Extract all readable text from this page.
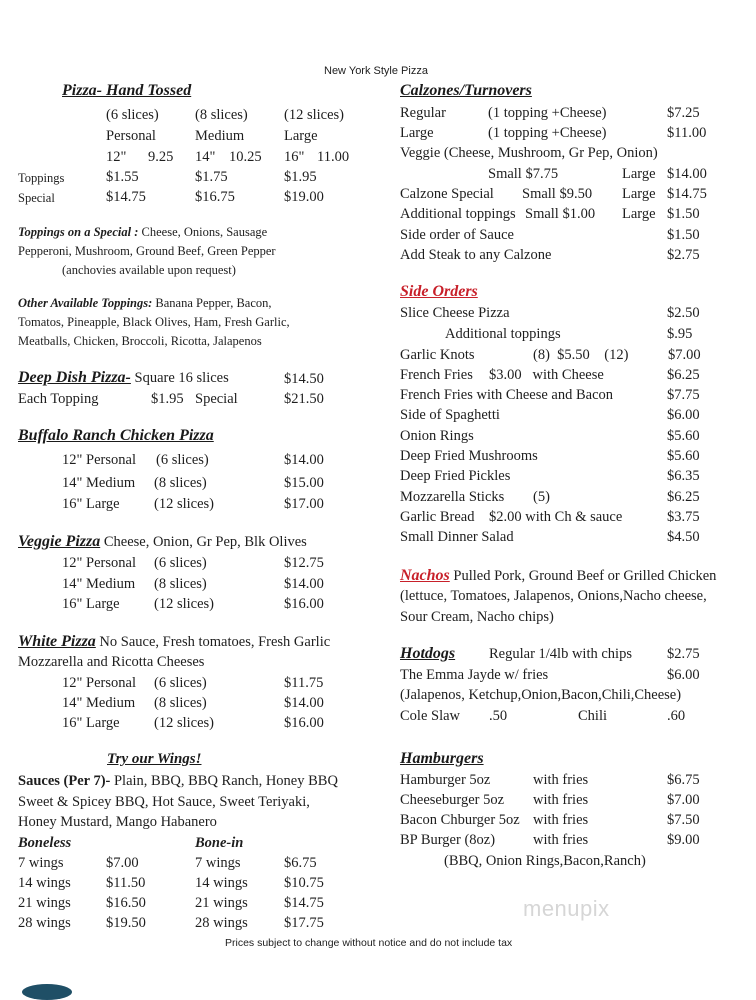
New York Style Pizza
Pizza- Hand Tossed
(6 slices)	(8 slices)	(12 slices)
Personal	Medium	Large
12" 9.25 14" 10.25 16" 11.00
Toppings	$1.55	$1.75	$1.95
Special	$14.75	$16.75	$19.00
Toppings on a Special : Cheese, Onions, Sausage
Pepperoni, Mushroom, Ground Beef, Green Pepper
(anchovies available upon request)
Other Available Toppings: Banana Pepper, Bacon,
Tomatos, Pineapple, Black Olives, Ham, Fresh Garlic,
Meatballs, Chicken, Broccoli, Ricotta, Jalapenos
Deep Dish Pizza- Square 16 slices	$14.50
Each Topping	$1.95 Special	$21.50
Buffalo Ranch Chicken Pizza
12" Personal (6 slices)	$14.00
14" Medium (8 slices)	$15.00
16" Large (12 slices)	$17.00
Veggie Pizza Cheese, Onion, Gr Pep, Blk Olives
12" Personal (6 slices)	$12.75
14" Medium (8 slices)	$14.00
16" Large (12 slices)	$16.00
White Pizza No Sauce, Fresh tomatoes, Fresh Garlic
Mozzarella and Ricotta Cheeses
12" Personal (6 slices)	$11.75
14" Medium (8 slices)	$14.00
16" Large (12 slices)	$16.00
Try our Wings!
Sauces (Per 7)- Plain, BBQ, BBQ Ranch, Honey BBQ
Sweet & Spicey BBQ, Hot Sauce, Sweet Teriyaki,
Honey Mustard, Mango Habanero
Boneless	Bone-in
7 wings	$7.00	7 wings	$6.75
14 wings $11.50	14 wings $10.75
21 wings $16.50	21 wings $14.75
28 wings $19.50	28 wings $17.75
Calzones/Turnovers
Regular	(1 topping +Cheese)	$7.25
Large	(1 topping +Cheese)	$11.00
Veggie (Cheese, Mushroom, Gr Pep, Onion)
Small $7.75	Large $14.00
Calzone Special Small $9.50 Large $14.75
Additional toppings Small $1.00 Large $1.50
Side order of Sauce	$1.50
Add Steak to any Calzone	$2.75
Side Orders
Slice Cheese Pizza	$2.50
Additional toppings	$.95
Garlic Knots	(8)  $5.50    (12)	$7.00
French Fries $3.00   with Cheese	$6.25
French Fries with Cheese and Bacon	$7.75
Side of Spaghetti	$6.00
Onion Rings	$5.60
Deep Fried Mushrooms	$5.60
Deep Fried Pickles	$6.35
Mozzarella Sticks (5)	$6.25
Garlic Bread $2.00 with Ch & sauce	$3.75
Small Dinner Salad	$4.50
Nachos Pulled Pork, Ground Beef or Grilled Chicken
(lettuce, Tomatoes, Jalapenos, Onions,Nacho cheese,
Sour Cream, Nacho chips)
Hotdogs Regular 1/4lb with chips $2.75
The Emma Jayde w/ fries	$6.00
(Jalapenos, Ketchup,Onion,Bacon,Chili,Cheese)
Cole Slaw .50	Chili	.60
Hamburgers
Hamburger 5oz	with fries	$6.75
Cheeseburger 5oz with fries	$7.00
Bacon Chburger 5oz with fries	$7.50
BP Burger (8oz)	with fries	$9.00
(BBQ, Onion Rings,Bacon,Ranch)
menupix
Prices subject to change without notice and do not include tax
